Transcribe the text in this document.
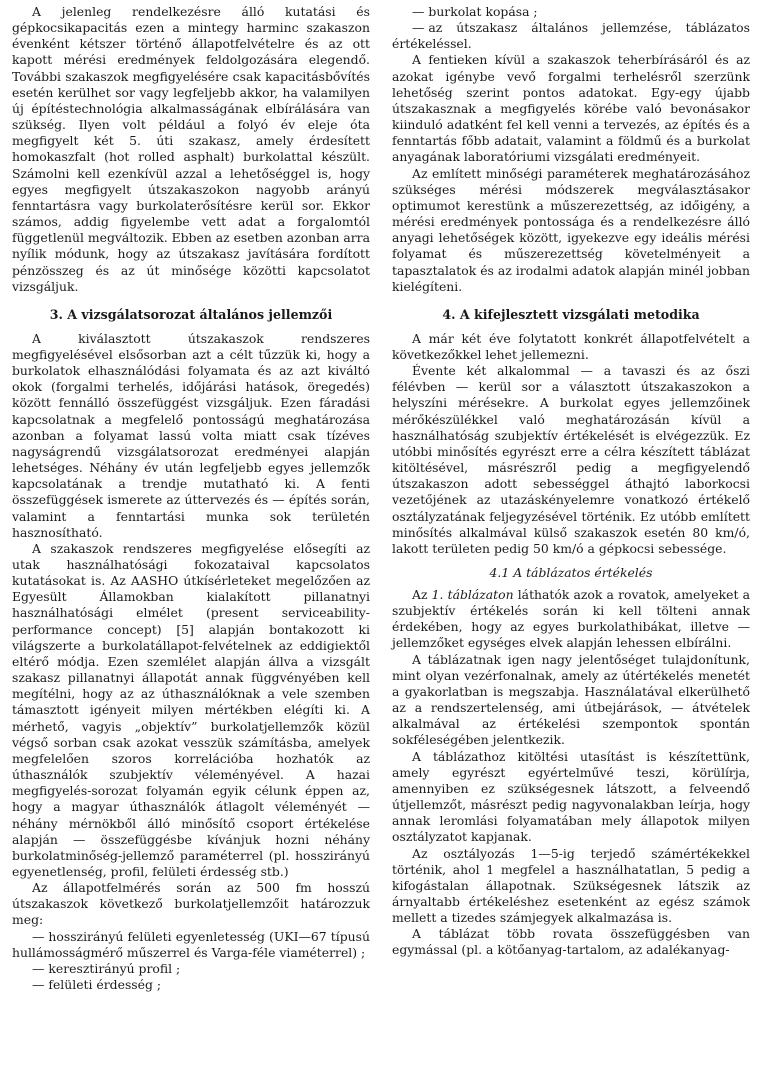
A jelenleg rendelkezésre álló kutatási és gépkocsikapacitás ezen a mintegy harminc szakaszon évenként kétszer történő állapotfelvételre és az ott kapott mérési eredmények feldolgozására elegendő. További szakaszok megfigyelésére csak kapacitásbővítés esetén kerülhet sor vagy legfeljebb akkor, ha valamilyen új építéstechnológia alkalmasságának elbírálására van szükség. Ilyen volt például a folyó év eleje óta megfigyelt két 5. úti szakasz, amely érdesített homokaszfalt (hot rolled asphalt) burkolattal készült. Számolni kell ezenkívül azzal a lehetőséggel is, hogy egyes megfigyelt útszakaszokon nagyobb arányú fenntartásra vagy burkolaterősítésre kerül sor. Ekkor számos, addig figyelembe vett adat a forgalomtól függetlenül megváltozik. Ebben az esetben azonban arra nyílik módunk, hogy az útszakasz javítására fordított pénzösszeg és az út minősége közötti kapcsolatot vizsgáljuk.

3. A vizsgálatsorozat általános jellemzői

A kiválasztott útszakaszok rendszeres megfigyelésével elsősorban azt a célt tűzzük ki, hogy a burkolatok elhasználódási folyamata és az azt kiváltó okok (forgalmi terhelés, időjárási hatások, öregedés) között fennálló összefüggést vizsgáljuk. Ezen fáradási kapcsolatnak a megfelelő pontosságú meghatározása azonban a folyamat lassú volta miatt csak tízéves nagyságrendű vizsgálatsorozat eredményei alapján lehetséges. Néhány év után legfeljebb egyes jellemzők kapcsolatának a trendje mutatható ki. A fenti összefüggések ismerete az úttervezés és — építés során, valamint a fenntartási munka sok területén hasznosítható.

A szakaszok rendszeres megfigyelése elősegíti az utak használhatósági fokozataival kapcsolatos kutatásokat is. Az AASHO útkísérleteket megelőzően az Egyesült Államokban kialakított pillanatnyi használhatósági elmélet (present serviceability-performance concept) [5] alapján bontakozott ki világszerte a burkolatállapot-felvételnek az eddigiektől eltérő módja. Ezen szemlélet alapján állva a vizsgált szakasz pillanatnyi állapotát annak függvényében kell megítélni, hogy az az úthasználóknak a vele szemben támasztott igényeit milyen mértékben elégíti ki. A mérhető, vagyis „objektív” burkolatjellemzők közül végső sorban csak azokat vesszük számításba, amelyek megfelelően szoros korrelációba hozhatók az úthasználók szubjektív véleményével. A hazai megfigyelés-sorozat folyamán egyik célunk éppen az, hogy a magyar úthasználók átlagolt véleményét — néhány mérnökből álló minősítő csoport értékelése alapján — összefüggésbe kívánjuk hozni néhány burkolatminőség-jellemző paraméterrel (pl. hosszirányú egyenetlenség, profil, felületi érdesség stb.)

Az állapotfelmérés során az 500 fm hosszú útszakaszok következő burkolatjellemzőit határozzuk meg:

— hosszirányú felületi egyenletesség (UKI—67 típusú hullámosságmérő műszerrel és Varga-féle viaméterrel) ;

— keresztirányú profil ;

— felületi érdesség ;

— burkolat kopása ;

— az útszakasz általános jellemzése, táblázatos értékeléssel.

A fentieken kívül a szakaszok teherbírásáról és az azokat igénybe vevő forgalmi terhelésről szerzünk lehetőség szerint pontos adatokat. Egy-egy újabb útszakasznak a megfigyelés körébe való bevonásakor kiinduló adatként fel kell venni a tervezés, az építés és a fenntartás főbb adatait, valamint a földmű és a burkolat anyagának laboratóriumi vizsgálati eredményeit.

Az említett minőségi paraméterek meghatározásához szükséges mérési módszerek megválasztásakor optimumot kerestünk a műszerezettség, az időigény, a mérési eredmények pontossága és a rendelkezésre álló anyagi lehetőségek között, igyekezve egy ideális mérési folyamat és műszerezettség követelményeit a tapasztalatok és az irodalmi adatok alapján minél jobban kielégíteni.

4. A kifejlesztett vizsgálati metodika

A már két éve folytatott konkrét állapotfelvételt a következőkkel lehet jellemezni.

Évente két alkalommal — a tavaszi és az őszi félévben — kerül sor a választott útszakaszokon a helyszíni mérésekre. A burkolat egyes jellemzőinek mérőkészülékkel való meghatározásán kívül a használhatóság szubjektív értékelését is elvégezzük. Ez utóbbi minősítés egyrészt erre a célra készített táblázat kitöltésével, másrészről pedig a megfigyelendő útszakaszon adott sebességgel áthajtó laborkocsi vezetőjének az utazáskényelemre vonatkozó értékelő osztályzatának feljegyzésével történik. Ez utóbb említett minősítés alkalmával külső szakaszok esetén 80 km/ó, lakott területen pedig 50 km/ó a gépkocsi sebessége.

4.1 A táblázatos értékelés

Az 1. táblázaton láthatók azok a rovatok, amelyeket a szubjektív értékelés során ki kell tölteni annak érdekében, hogy az egyes burkolathibákat, illetve — jellemzőket egységes elvek alapján lehessen elbírálni.

A táblázatnak igen nagy jelentőséget tulajdonítunk, mint olyan vezérfonalnak, amely az útértékelés menetét a gyakorlatban is megszabja. Használatával elkerülhető az a rendszertelenség, ami útbejárások, — átvételek alkalmával az értékelési szempontok spontán sokféleségében jelentkezik.

A táblázathoz kitöltési utasítást is készítettünk, amely egyrészt egyértelművé teszi, körülírja, amennyiben ez szükségesnek látszott, a felveendő útjellemzőt, másrészt pedig nagyvonalakban leírja, hogy annak leromlási folyamatában mely állapotok milyen osztályzatot kapjanak.

Az osztályozás 1—5-ig terjedő számértékekkel történik, ahol 1 megfelel a használhatatlan, 5 pedig a kifogástalan állapotnak. Szükségesnek látszik az árnyaltabb értékeléshez esetenként az egész számok mellett a tizedes számjegyek alkalmazása is.

A táblázat több rovata összefüggésben van egymással (pl. a kötőanyag-tartalom, az adalékanyag-
